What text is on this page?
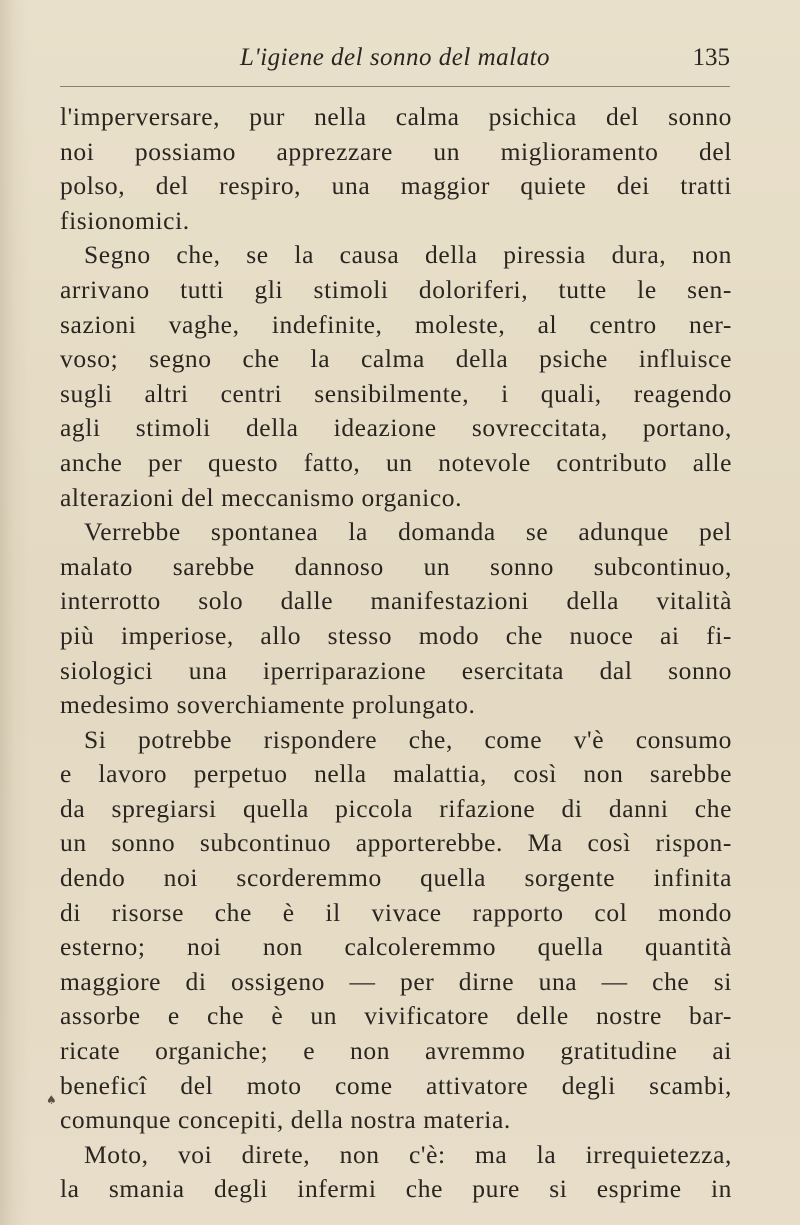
L'igiene del sonno del malato	135
l'imperversare, pur nella calma psichica del sonno
noi possiamo apprezzare un miglioramento del
polso, del respiro, una maggior quiete dei tratti
fisionomici.
Segno che, se la causa della piressia dura, non
arrivano tutti gli stimoli doloriferi, tutte le sen-
sazioni vaghe, indefinite, moleste, al centro ner-
voso; segno che la calma della psiche influisce
sugli altri centri sensibilmente, i quali, reagendo
agli stimoli della ideazione sovreccitata, portano,
anche per questo fatto, un notevole contributo alle
alterazioni del meccanismo organico.
Verrebbe spontanea la domanda se adunque pel
malato sarebbe dannoso un sonno subcontinuo,
interrotto solo dalle manifestazioni della vitalità
più imperiose, allo stesso modo che nuoce ai fi-
siologici una iperriparazione esercitata dal sonno
medesimo soverchiamente prolungato.
Si potrebbe rispondere che, come v'è consumo
e lavoro perpetuo nella malattia, così non sarebbe
da spregiarsi quella piccola rifazione di danni che
un sonno subcontinuo apporterebbe. Ma così rispon-
dendo noi scorderemmo quella sorgente infinita
di risorse che è il vivace rapporto col mondo
esterno; noi non calcoleremmo quella quantità
maggiore di ossigeno — per dirne una — che si
assorbe e che è un vivificatore delle nostre bar-
ricate organiche; e non avremmo gratitudine ai
beneficî del moto come attivatore degli scambi,
comunque concepiti, della nostra materia.
Moto, voi direte, non c'è: ma la irrequietezza,
la smania degli infermi che pure si esprime in
♠
